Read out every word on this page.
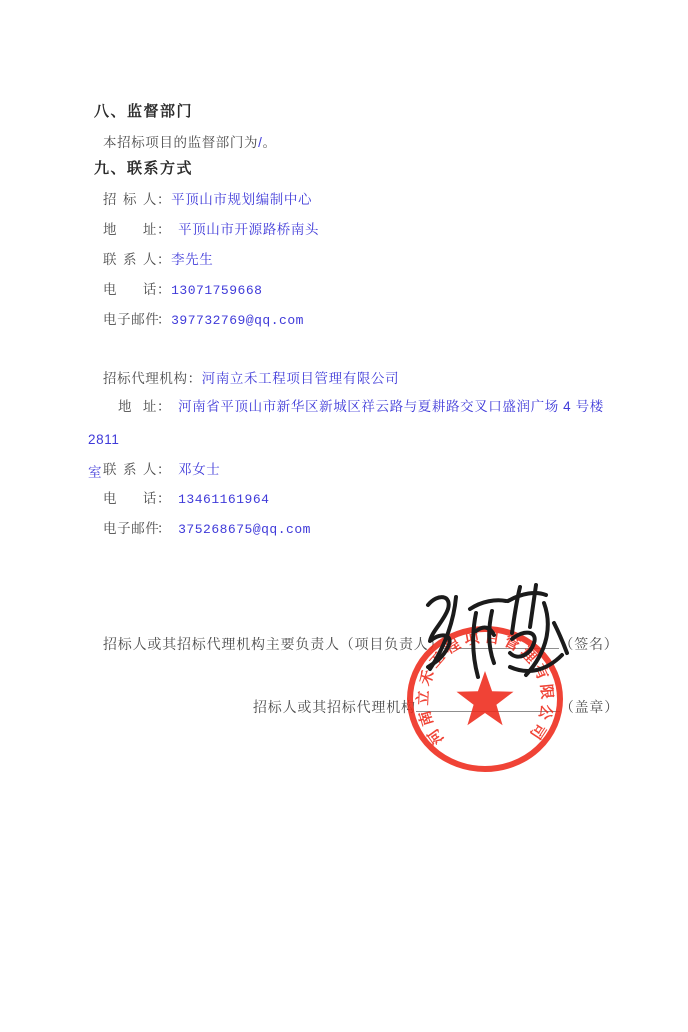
八、监督部门
本招标项目的监督部门为/。
九、联系方式
招标人：平顶山市规划编制中心
地址： 平顶山市开源路桥南头
联系人：李先生
电话：13071759668
电子邮件：397732769@qq.com
招标代理机构：河南立禾工程项目管理有限公司
地址： 河南省平顶山市新华区新城区祥云路与夏耕路交叉口盛润广场 4 号楼 2811
室 联系人： 邓女士
电话： 13461161964
电子邮件： 375268675@qq.com
招标人或其招标代理机构主要负责人（项目负责人）	（签名）
招标人或其招标代理机构	（盖章）
河南立禾工程项目管理有限公司
